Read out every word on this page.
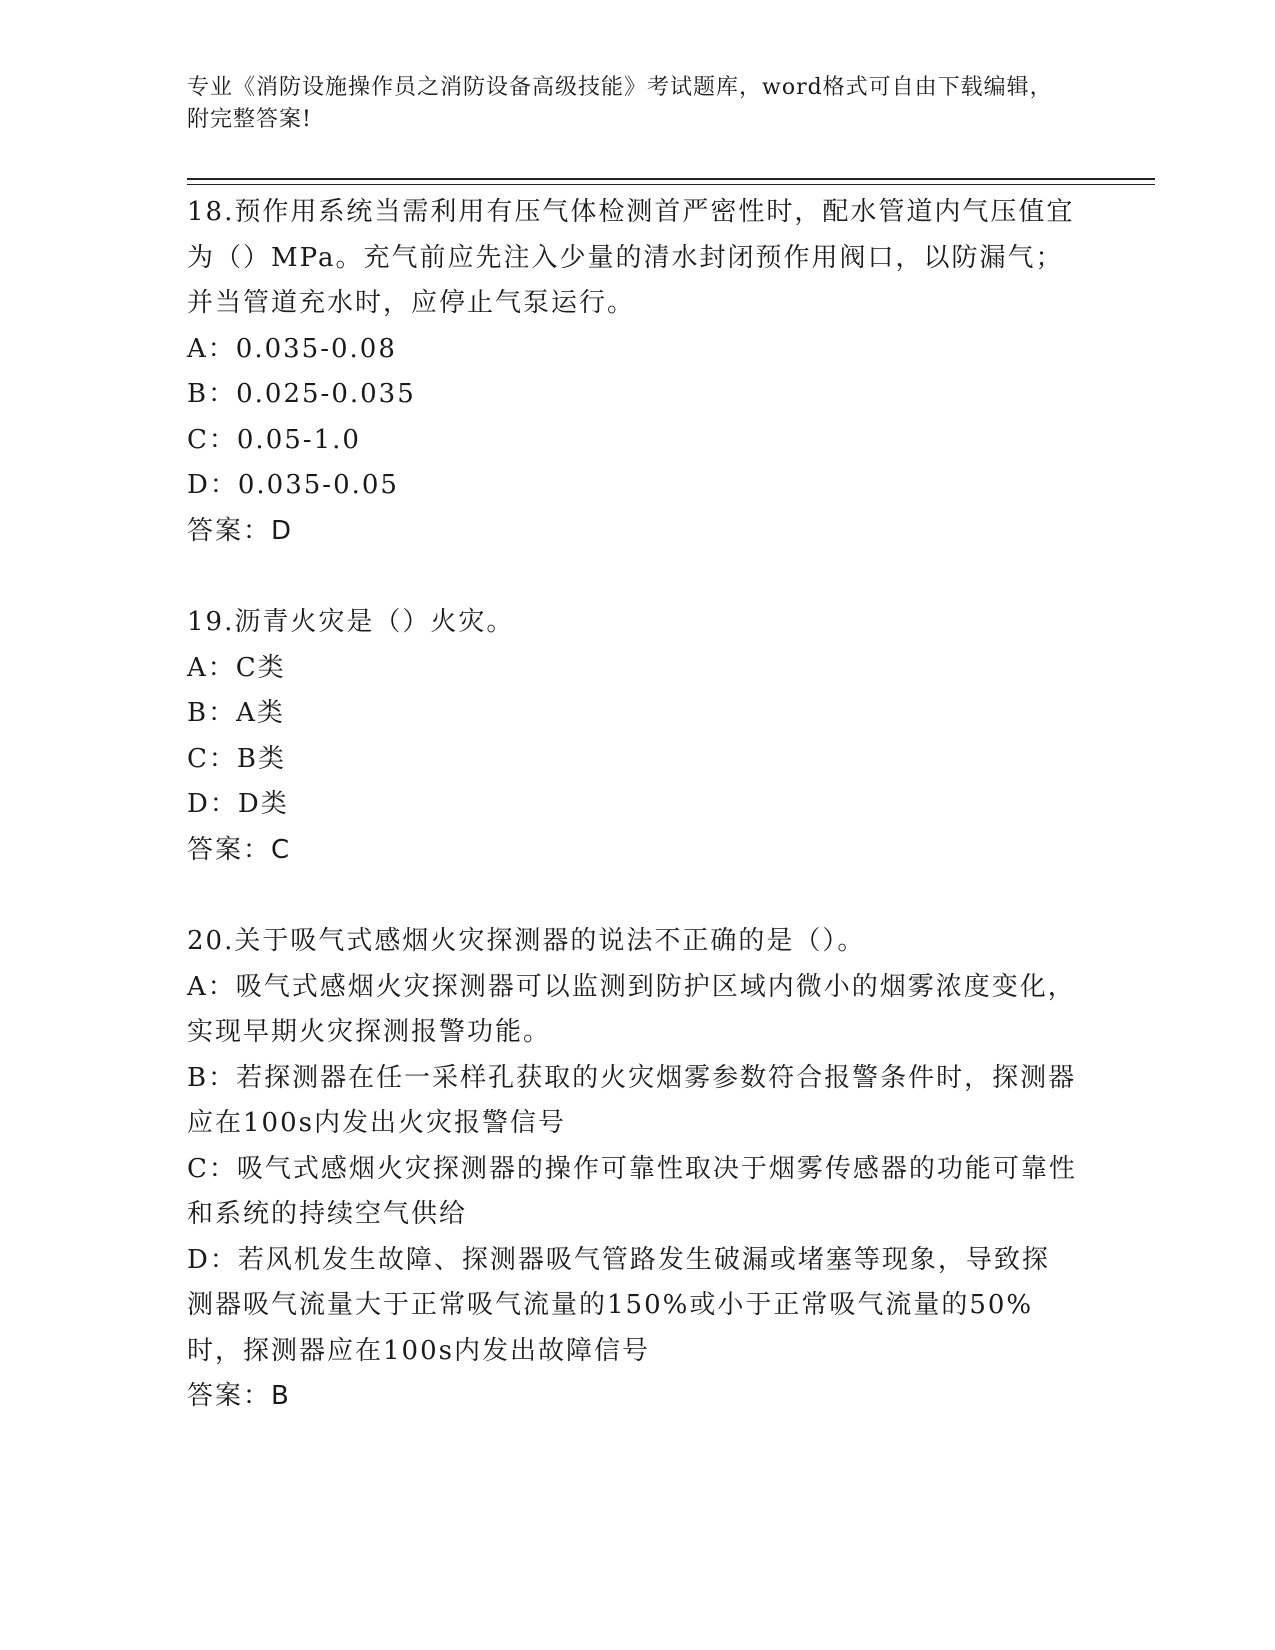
专业《消防设施操作员之消防设备高级技能》考试题库，word格式可自由下载编辑，附完整答案!

18.预作用系统当需利用有压气体检测首严密性时，配水管道内气压值宜为（）MPa。充气前应先注入少量的清水封闭预作用阀口，以防漏气；并当管道充水时，应停止气泵运行。

A：0.035-0.08

B：0.025-0.035

C：0.05-1.0

D：0.035-0.05

答案：D

19.沥青火灾是（）火灾。

A：C类

B：A类

C：B类

D：D类

答案：C

20.关于吸气式感烟火灾探测器的说法不正确的是（）。

A：吸气式感烟火灾探测器可以监测到防护区域内微小的烟雾浓度变化，实现早期火灾探测报警功能。

B：若探测器在任一采样孔获取的火灾烟雾参数符合报警条件时，探测器应在100s内发出火灾报警信号

C：吸气式感烟火灾探测器的操作可靠性取决于烟雾传感器的功能可靠性和系统的持续空气供给

D：若风机发生故障、探测器吸气管路发生破漏或堵塞等现象，导致探测器吸气流量大于正常吸气流量的150%或小于正常吸气流量的50%时，探测器应在100s内发出故障信号

答案：B
